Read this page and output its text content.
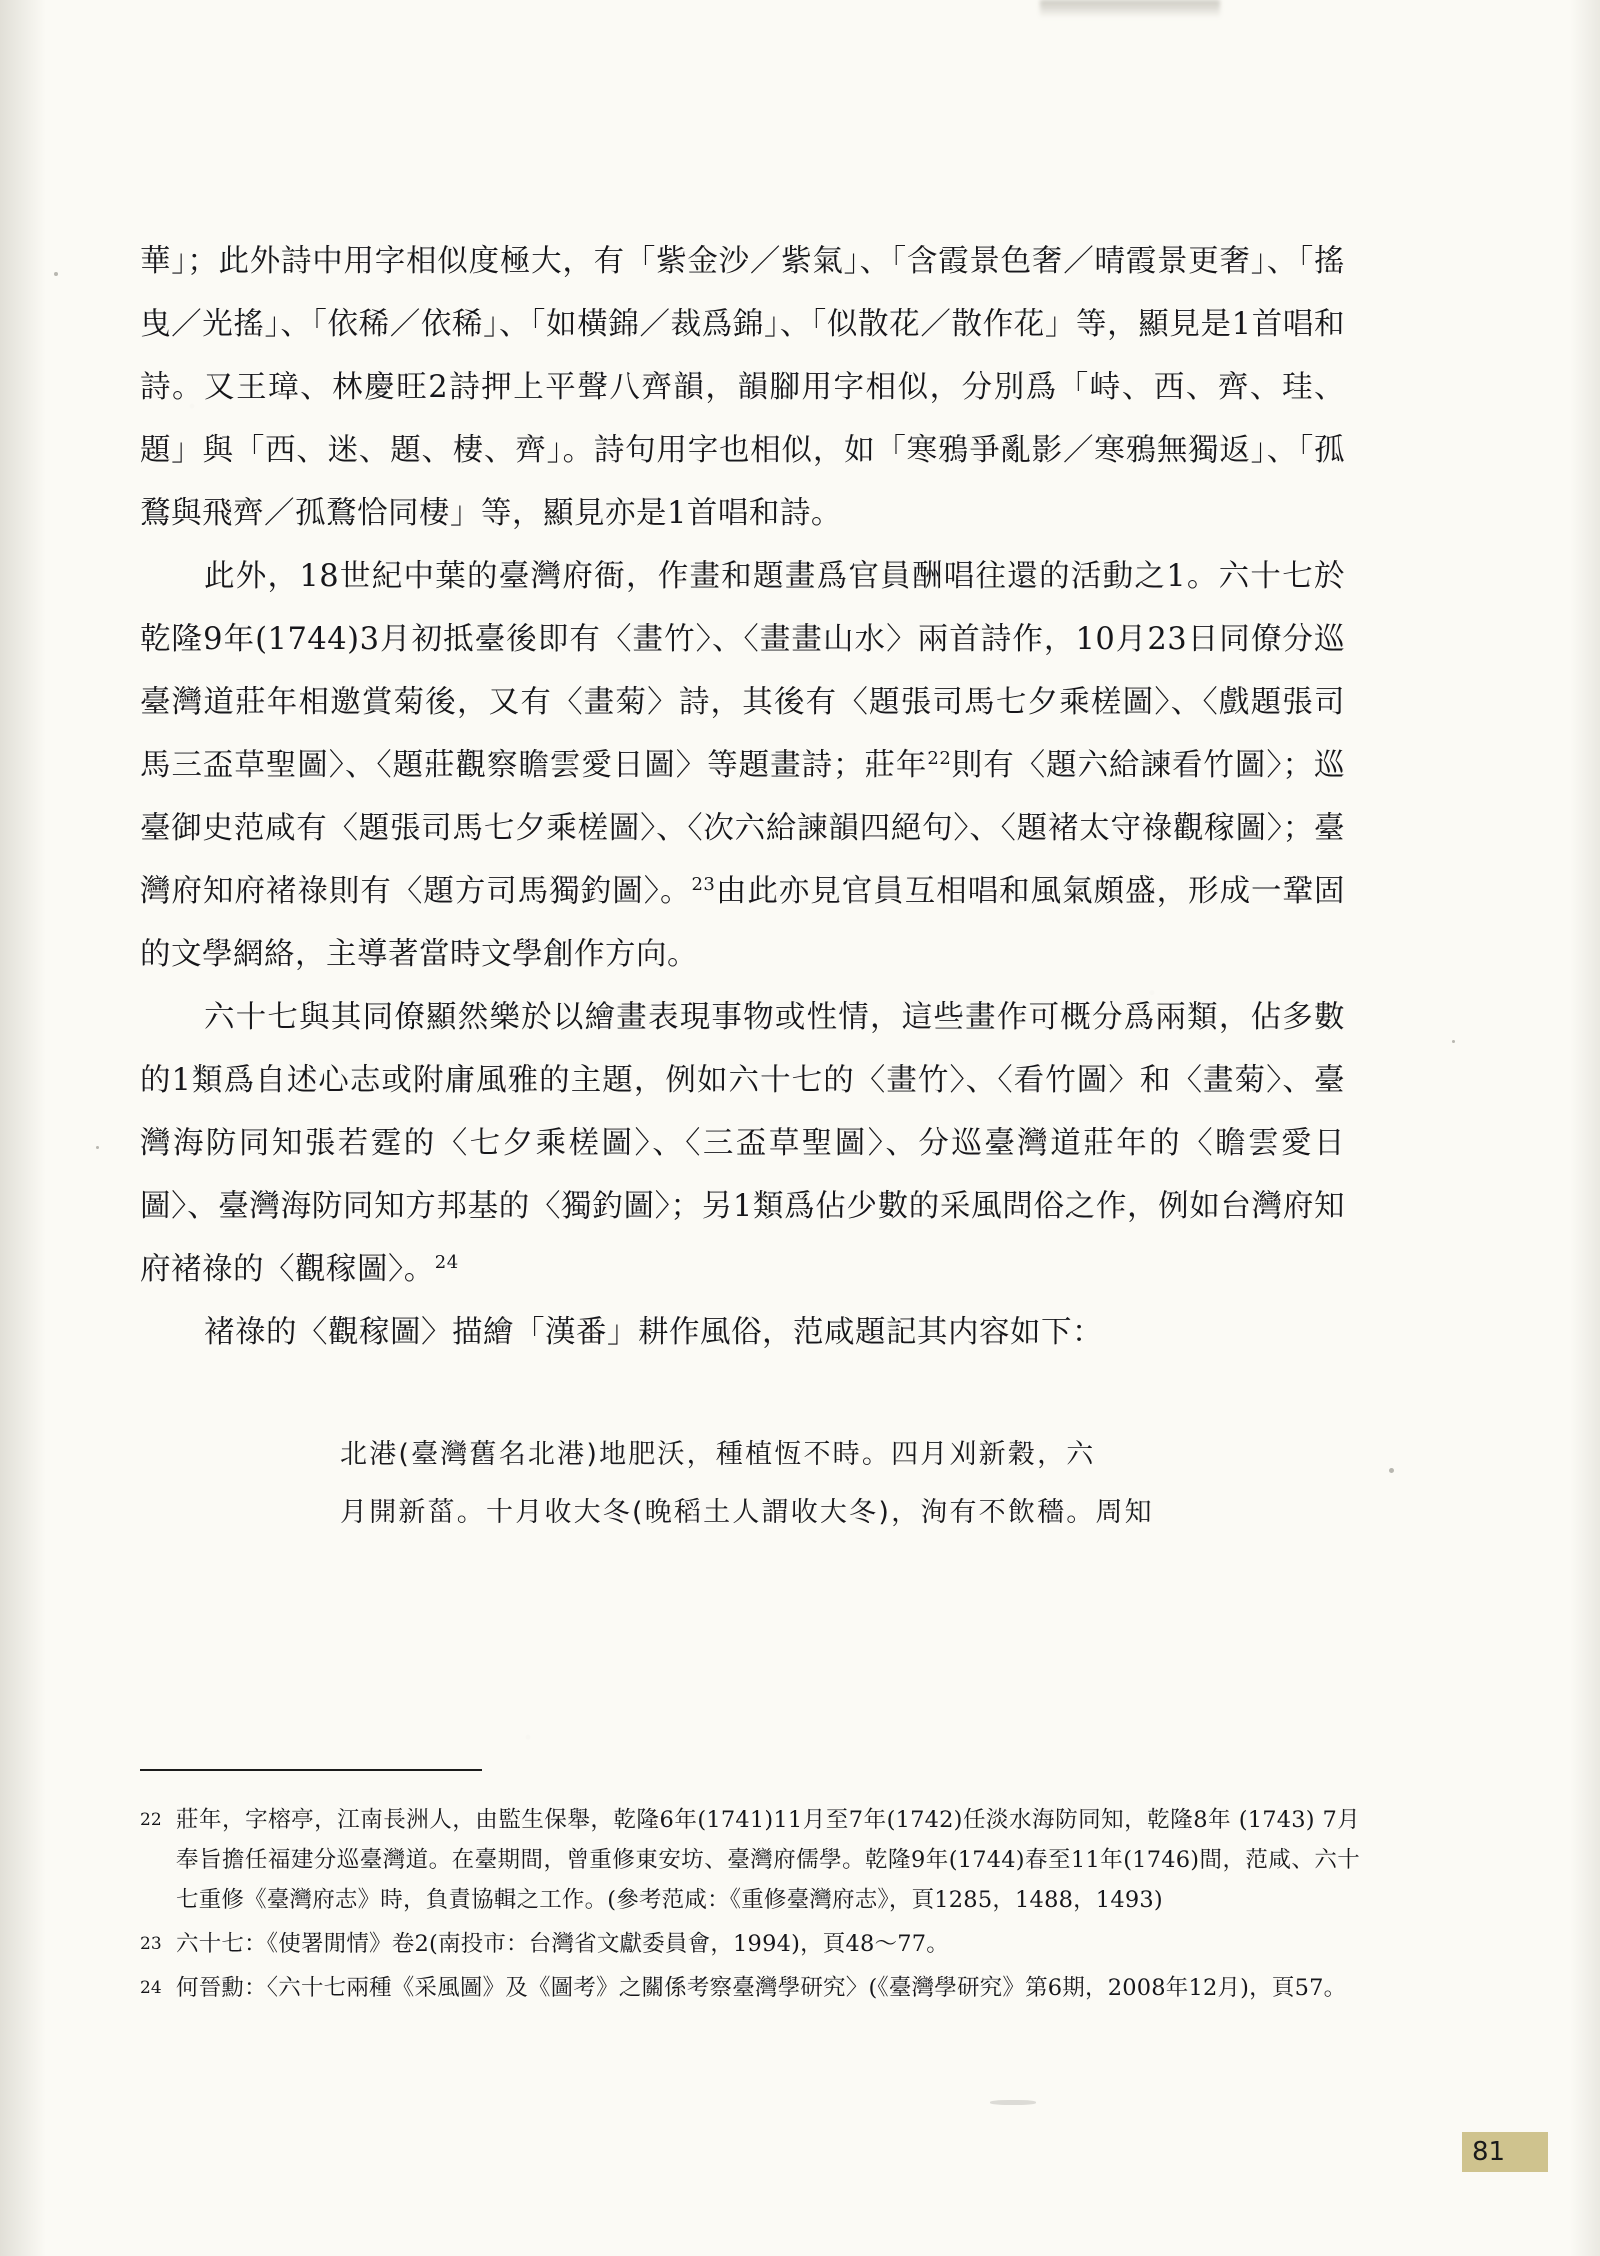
華」；此外詩中用字相似度極大，有「紫金沙／紫氣」、「含霞景色奢／晴霞景更奢」、「搖曳／光搖」、「依稀／依稀」、「如橫錦／裁爲錦」、「似散花／散作花」等，顯見是1首唱和詩。又王璋、林慶旺2詩押上平聲八齊韻，韻腳用字相似，分別爲「峙、西、齊、珪、題」與「西、迷、題、棲、齊」。詩句用字也相似，如「寒鴉爭亂影／寒鴉無獨返」、「孤鶩與飛齊／孤鶩恰同棲」等，顯見亦是1首唱和詩。

此外，18世紀中葉的臺灣府衙，作畫和題畫爲官員酬唱往還的活動之1。六十七於乾隆9年(1744)3月初抵臺後即有〈畫竹〉、〈畫畫山水〉兩首詩作，10月23日同僚分巡臺灣道莊年相邀賞菊後，又有〈畫菊〉詩，其後有〈題張司馬七夕乘槎圖〉、〈戲題張司馬三盃草聖圖〉、〈題莊觀察瞻雲愛日圖〉等題畫詩；莊年$^{22}$則有〈題六給諫看竹圖〉；巡臺御史范咸有〈題張司馬七夕乘槎圖〉、〈次六給諫韻四絕句〉、〈題褚太守祿觀稼圖〉；臺灣府知府褚祿則有〈題方司馬獨釣圖〉。$^{23}$由此亦見官員互相唱和風氣頗盛，形成一鞏固的文學網絡，主導著當時文學創作方向。

六十七與其同僚顯然樂於以繪畫表現事物或性情，這些畫作可概分爲兩類，佔多數的1類爲自述心志或附庸風雅的主題，例如六十七的〈畫竹〉、〈看竹圖〉和〈畫菊〉、臺灣海防同知張若霆的〈七夕乘槎圖〉、〈三盃草聖圖〉、分巡臺灣道莊年的〈瞻雲愛日圖〉、臺灣海防同知方邦基的〈獨釣圖〉；另1類爲佔少數的采風問俗之作，例如台灣府知府褚祿的〈觀稼圖〉。$^{24}$

褚祿的〈觀稼圖〉描繪「漢番」耕作風俗，范咸題記其内容如下：

北港(臺灣舊名北港)地肥沃，種植恆不時。四月刈新穀，六

月開新菑。十月收大冬(晚稻土人謂收大冬)，洵有不飲穡。周知

22 莊年，字榕亭，江南長洲人，由監生保舉，乾隆6年(1741)11月至7年(1742)任淡水海防同知，乾隆8年 (1743) 7月奉旨擔任福建分巡臺灣道。在臺期間，曾重修東安坊、臺灣府儒學。乾隆9年(1744)春至11年(1746)間，范咸、六十七重修《臺灣府志》時，負責協輯之工作。(參考范咸：《重修臺灣府志》，頁1285，1488，1493)
23 六十七：《使署閒情》卷2(南投市：台灣省文獻委員會，1994)，頁48～77。
24 何晉勳：〈六十七兩種《采風圖》及《圖考》之關係考察臺灣學研究〉(《臺灣學研究》第6期，2008年12月)，頁57。
81
